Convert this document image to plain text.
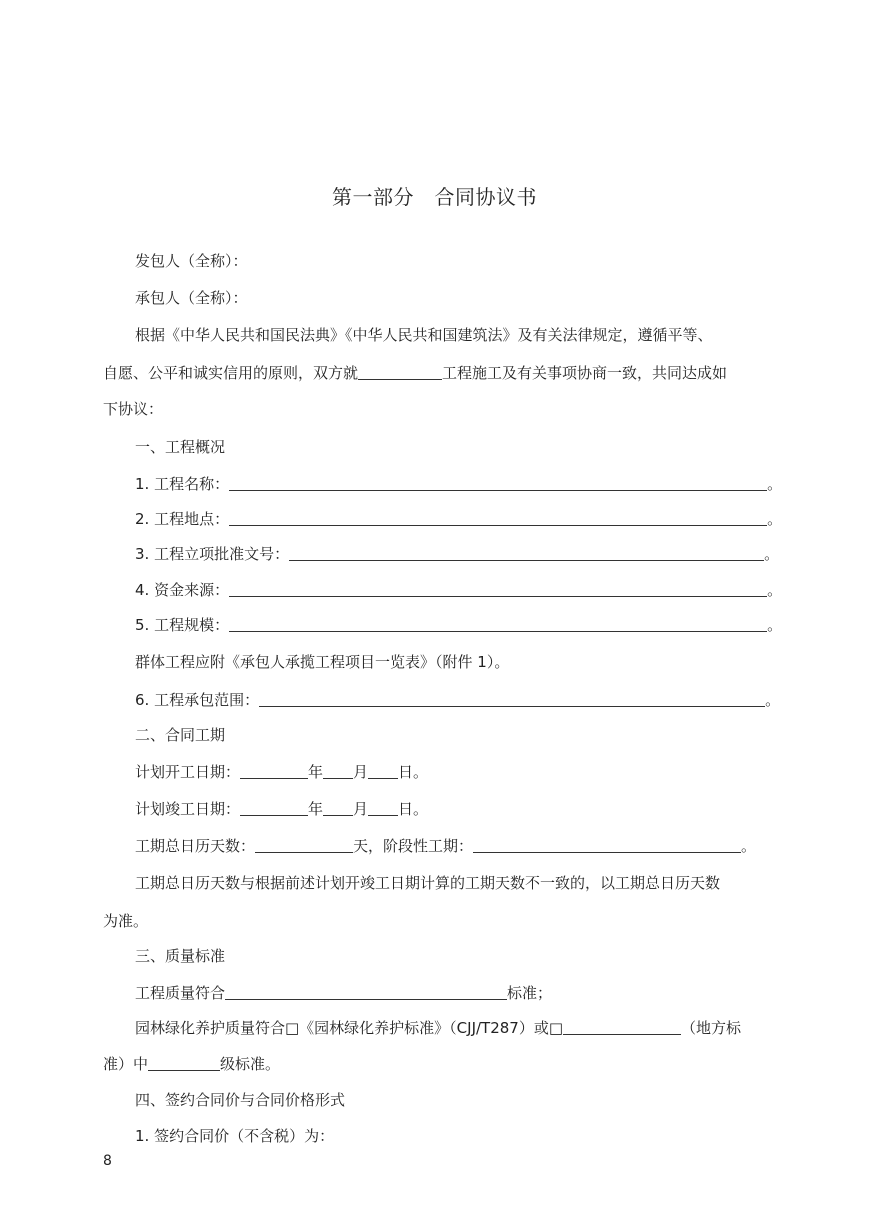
第一部分　合同协议书
发包人（全称）：
承包人（全称）：
根据《中华人民共和国民法典》《中华人民共和国建筑法》及有关法律规定，遵循平等、
自愿、公平和诚实信用的原则，双方就	工程施工及有关事项协商一致，共同达成如
下协议：
一、工程概况
1. 工程名称：	。
2. 工程地点：	。
3. 工程立项批准文号：	。
4. 资金来源：	。
5. 工程规模：	。
群体工程应附《承包人承揽工程项目一览表》（附件 1）。
6. 工程承包范围：	。
二、合同工期
计划开工日期：	年 月 日。
计划竣工日期：	年 月 日。
工期总日历天数：	天，阶段性工期：	。
工期总日历天数与根据前述计划开竣工日期计算的工期天数不一致的，以工期总日历天数
为准。
三、质量标准
工程质量符合	标准；
园林绿化养护质量符合□《园林绿化养护标准》（CJJ/T287）或□	（地方标
准）中	级标准。
四、签约合同价与合同价格形式
1. 签约合同价（不含税）为：
8
